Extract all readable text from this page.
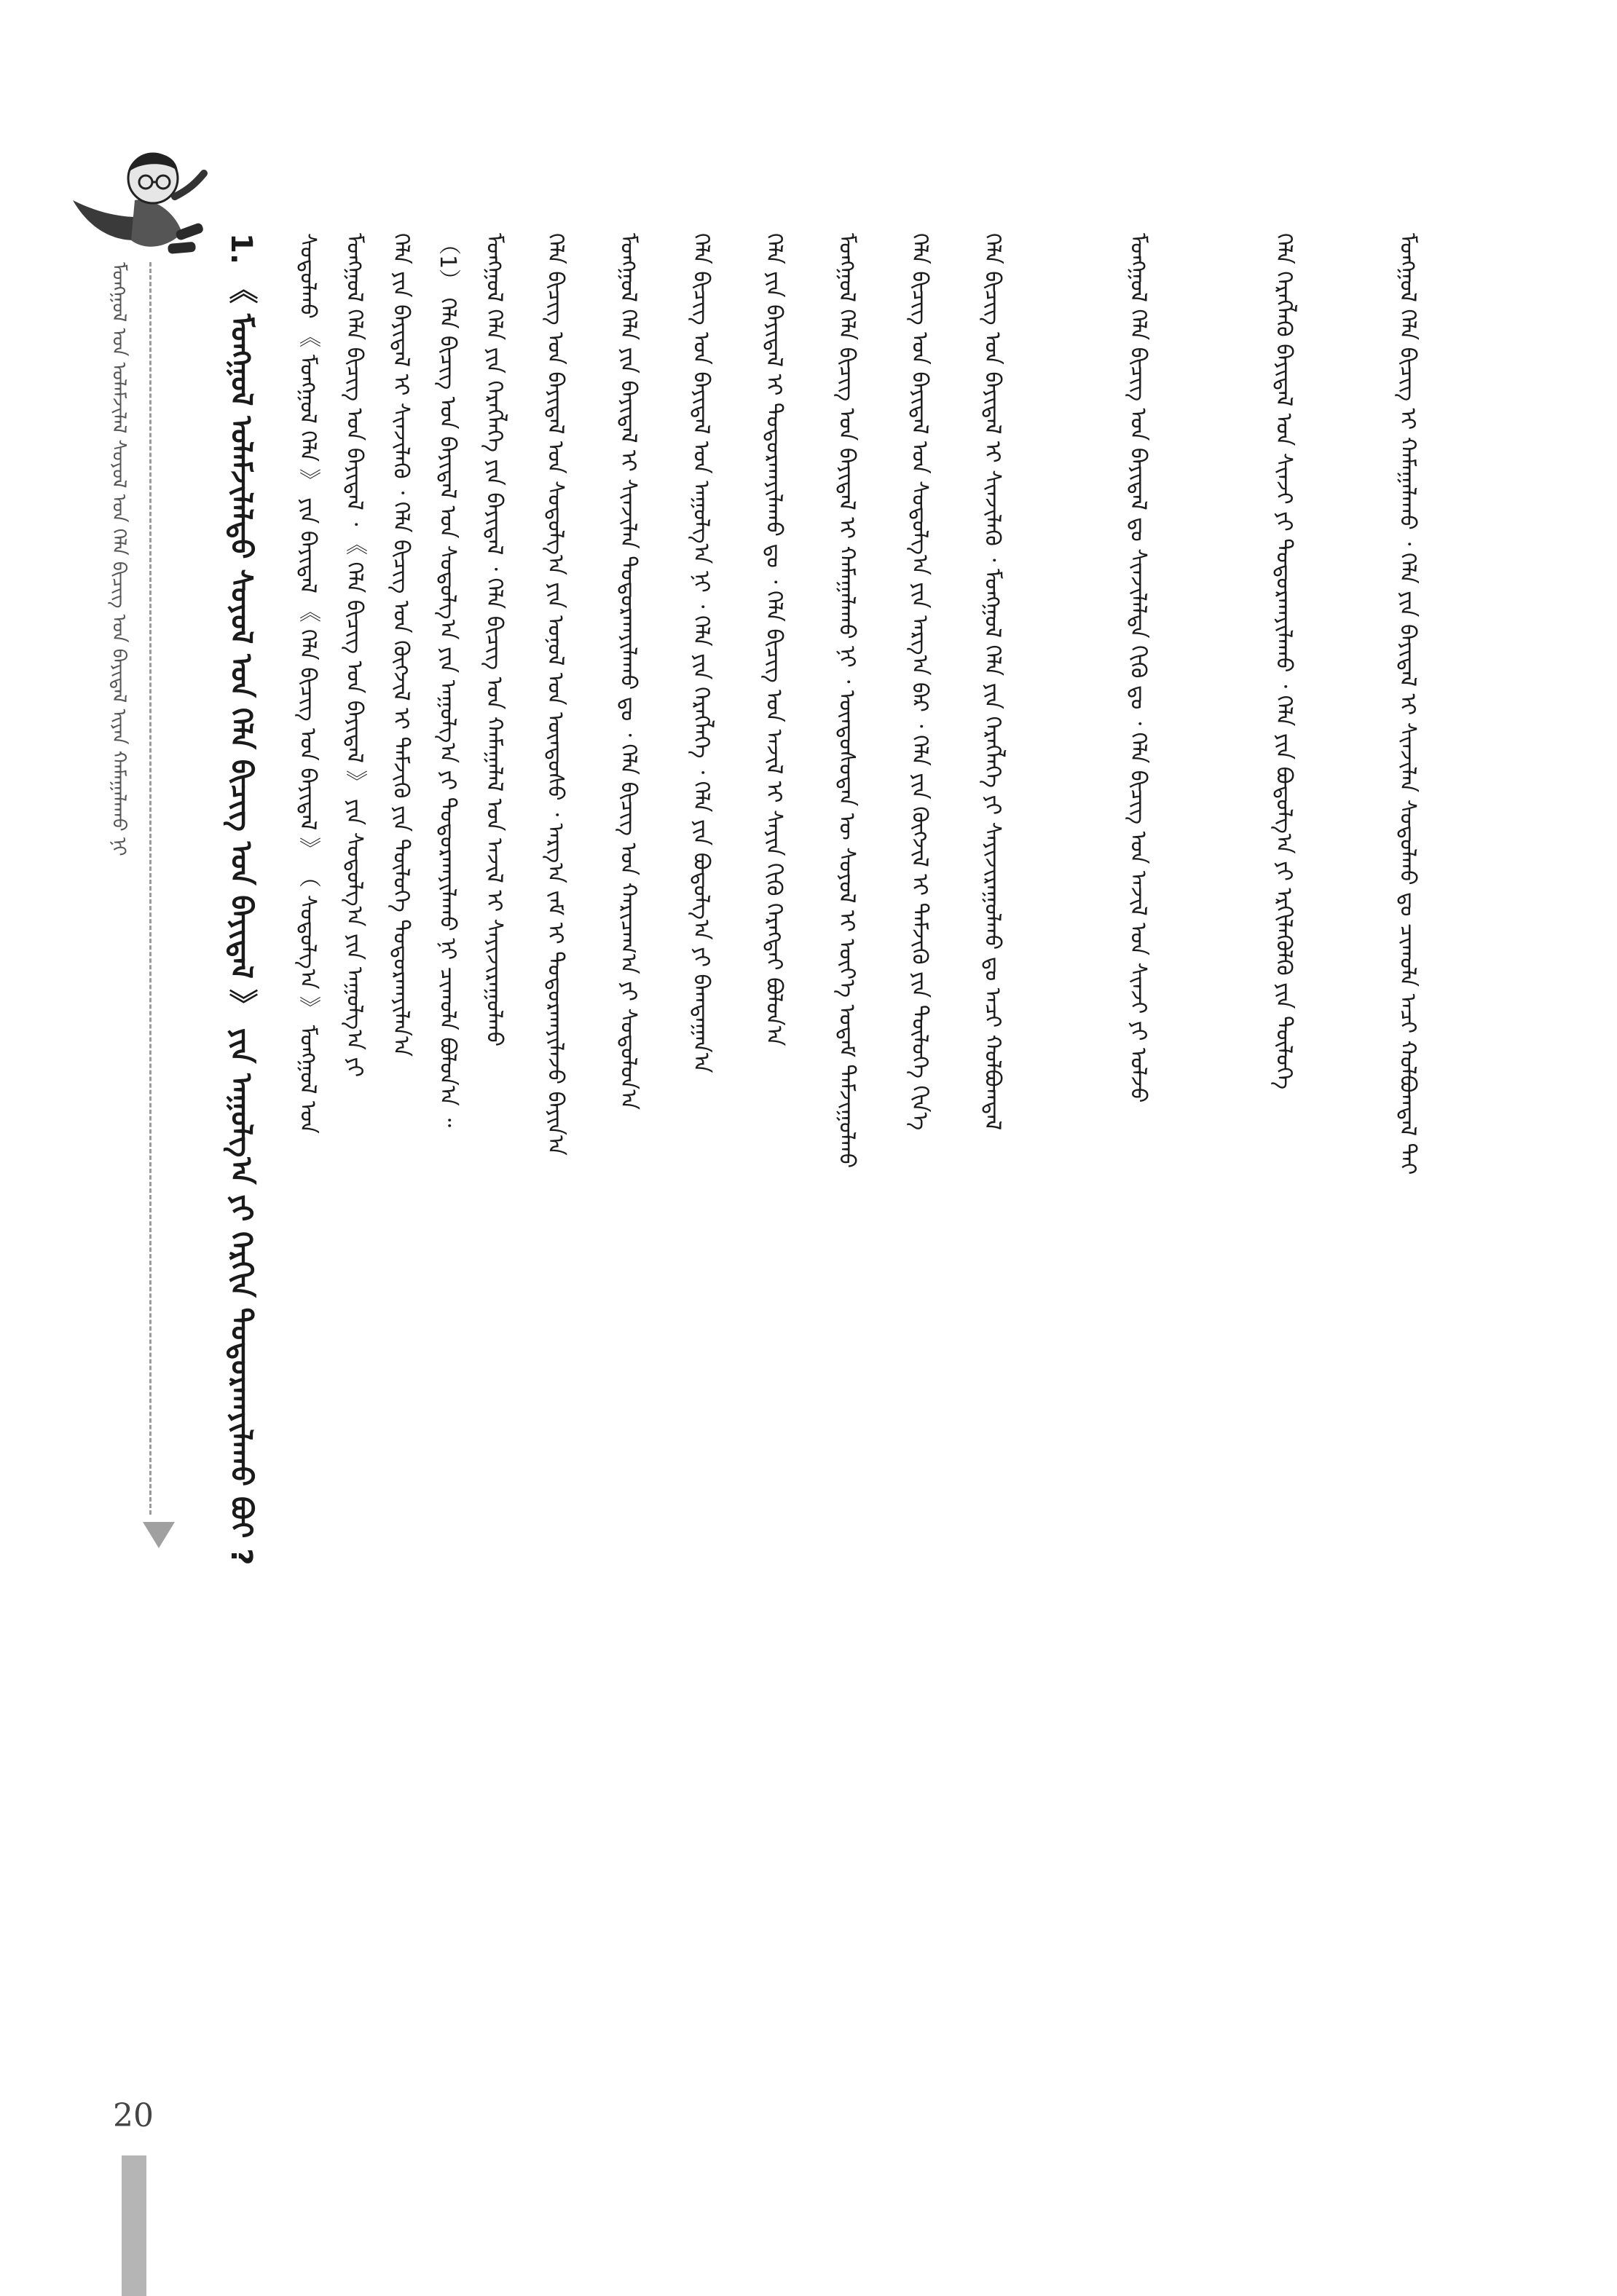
ᠮᠣᠩᠭᠣᠯ ᠤᠨ ᠤᠯᠠᠮᠵᠢᠯᠠᠯ ᠰᠣᠶᠣᠯ ᠤᠨ ᠬᠡᠯᠡ ᠪᠢᠴᠢᠭ ᠤᠨ ᠪᠠᠶᠢᠳᠠᠯ ᠢᠶᠠᠨ ᠬᠠᠮᠠᠭᠠᠯᠠᠬᠤ ᠨᠢ	1. 《 ᠮᠣᠩᠭᠣᠯ ᠤᠯᠠᠮᠵᠢᠯᠠᠯᠲᠤ ᠰᠣᠶᠣᠯ ᠤᠨ ᠬᠡᠯᠡ ᠪᠢᠴᠢᠭ ᠤᠨ ᠪᠠᠶᠢᠳᠠᠯ 》 ᠶᠢᠨ ᠠᠭᠤᠯᠭ᠎ᠠ ᠶᠢ ᠬᠡᠷᠬᠢᠨ ᠲᠣᠳᠣᠷᠬᠠᠶᠢᠯᠠᠬᠤ ᠪᠤᠢ ?	ᠰᠤᠳᠤᠯᠬᠤ 《 ᠮᠣᠩᠭᠣᠯ ᠬᠡᠯᠡ 》 ᠶᠢᠨ ᠪᠠᠶᠢᠳᠠᠯ 《 ᠬᠡᠯᠡ ᠪᠢᠴᠢᠭ ᠤᠨ ᠪᠠᠶᠢᠳᠠᠯ 》 （ ᠰᠤᠳᠤᠯᠭ᠎ᠠ 》 ᠮᠣᠩᠭᠣᠯ ᠤᠨ ᠮᠣᠩᠭᠣᠯ ᠬᠡᠯᠡ ᠪᠢᠴᠢᠭ ᠤᠨ ᠪᠠᠶᠢᠳᠠᠯ ᠂ 《 ᠬᠡᠯᠡ ᠪᠢᠴᠢᠭ ᠤᠨ ᠪᠠᠶᠢᠳᠠᠯ 》 ᠶᠢᠨ ᠰᠤᠳᠤᠯᠭ᠎ᠠ ᠶᠢᠨ ᠠᠭᠤᠯᠭ᠎ᠠ ᠶᠢ ᠬᠡᠯᠡ ᠶᠢᠨ ᠪᠠᠶᠢᠳᠠᠯ ᠢ ᠰᠢᠨᠵᠢᠯᠡᠬᠦ ᠂ ᠬᠡᠯᠡ ᠪᠢᠴᠢᠭ ᠤᠨ ᠬᠥᠭᠵᠢᠯ ᠢ ᠳᠡᠮᠵᠢᠬᠦ ᠶᠢᠨ ᠲᠥᠯᠥᠭᠡ ᠲᠣᠳᠣᠷᠬᠠᠶᠢᠯᠠᠨ᠎ᠠ （1） ᠬᠡᠯᠡ ᠪᠢᠴᠢᠭ ᠤᠨ ᠪᠠᠶᠢᠳᠠᠯ ᠤᠨ ᠰᠤᠳᠤᠯᠭ᠎ᠠ ᠶᠢᠨ ᠠᠭᠤᠯᠭ᠎ᠠ ᠶᠢ ᠲᠣᠳᠣᠷᠬᠠᠶᠢᠯᠠᠬᠤ ᠨᠢ ᠴᠢᠬᠤᠯᠠ ᠪᠣᠯᠤᠨ᠎ᠠ ᠃ ᠮᠣᠩᠭᠣᠯ ᠬᠡᠯᠡ ᠶᠢᠨ ᠬᠡᠷᠡᠭᠯᠡᠭᠡ ᠶᠢᠨ ᠪᠠᠶᠢᠳᠠᠯ ᠂ ᠬᠡᠯᠡ ᠪᠢᠴᠢᠭ ᠤᠨ ᠬᠠᠮᠠᠭᠠᠯᠠᠯ ᠤᠨ ᠠᠵᠢᠯ ᠢ ᠰᠠᠶᠢᠵᠢᠷᠠᠭᠤᠯᠬᠤ ᠬᠡᠯᠡ ᠪᠢᠴᠢᠭ ᠤᠨ ᠪᠠᠶᠢᠳᠠᠯ ᠤᠨ ᠰᠤᠳᠤᠯᠭ᠎ᠠ ᠶᠢᠨ ᠣᠨᠣᠯ ᠤᠨ ᠦᠨᠳᠦᠰᠦ ᠂ ᠠᠷᠭ᠎ᠠ ᠵᠠᠮ ᠢ ᠲᠣᠳᠣᠷᠬᠠᠶᠢᠯᠠᠵᠤ ᠪᠠᠶᠢᠨ᠎ᠠ ᠮᠣᠩᠭᠣᠯ ᠬᠡᠯᠡ ᠶᠢᠨ ᠪᠠᠶᠢᠳᠠᠯ ᠢ ᠰᠢᠨᠵᠢᠯᠡᠨ ᠲᠣᠳᠣᠷᠬᠠᠶᠢᠯᠠᠬᠤ ᠳᠤ ᠂ ᠬᠡᠯᠡ ᠪᠢᠴᠢᠭ ᠤᠨ ᠬᠠᠷᠢᠴᠠᠭ᠎ᠠ ᠶᠢ ᠰᠤᠳᠤᠯᠤᠨ᠎ᠠ ᠬᠡᠯᠡ ᠪᠢᠴᠢᠭ ᠤᠨ ᠪᠠᠶᠢᠳᠠᠯ ᠤᠨ ᠠᠭᠤᠯᠭ᠎ᠠ ᠨᠢ ᠂ ᠬᠡᠯᠡ ᠶᠢᠨ ᠬᠡᠷᠡᠭᠯᠡᠭᠡ ᠂ ᠬᠡᠯᠡ ᠶᠢᠨ ᠪᠣᠳᠣᠯᠭ᠎ᠠ ᠶᠢ ᠪᠠᠭᠳᠠᠭᠠᠨ᠎ᠠ ᠬᠡᠯᠡ ᠶᠢᠨ ᠪᠠᠶᠢᠳᠠᠯ ᠢ ᠲᠣᠳᠣᠷᠬᠠᠶᠢᠯᠠᠬᠤ ᠳᠤ ᠂ ᠬᠡᠯᠡ ᠪᠢᠴᠢᠭ ᠤᠨ ᠠᠵᠢᠯ ᠢ ᠰᠠᠶᠢᠨ ᠬᠢᠬᠦ ᠬᠡᠷᠡᠭᠲᠡᠢ ᠪᠣᠯᠤᠨ᠎ᠠ ᠮᠣᠩᠭᠣᠯ ᠬᠡᠯᠡ ᠪᠢᠴᠢᠭ ᠤᠨ ᠪᠠᠶᠢᠳᠠᠯ ᠢ ᠬᠠᠮᠠᠭᠠᠯᠠᠬᠤ ᠨᠢ ᠂ ᠦᠨᠳᠦᠰᠦᠲᠡᠨ ᠦ ᠰᠣᠶᠣᠯ ᠢ ᠦᠶ᠎ᠡ ᠤᠳᠠᠮ ᠳᠠᠮᠵᠢᠭᠤᠯᠬᠤ ᠬᠡᠯᠡ ᠪᠢᠴᠢᠭ ᠤᠨ ᠪᠠᠶᠢᠳᠠᠯ ᠤᠨ ᠰᠤᠳᠤᠯᠭ᠎ᠠ ᠶᠢᠨ ᠠᠷᠭ᠎ᠠ ᠪᠠᠷ ᠂ ᠬᠡᠯᠡ ᠶᠢᠨ ᠬᠥᠭᠵᠢᠯ ᠢ ᠳᠡᠮᠵᠢᠬᠦ ᠶᠢᠨ ᠲᠥᠯᠥᠭᠡ ᠬᠢᠨ᠎ᠡ ᠬᠡᠯᠡ ᠪᠢᠴᠢᠭ ᠤᠨ ᠪᠠᠶᠢᠳᠠᠯ ᠢ ᠰᠢᠨᠵᠢᠯᠡᠬᠦ ᠂ ᠮᠣᠩᠭᠣᠯ ᠬᠡᠯᠡ ᠶᠢᠨ ᠬᠡᠷᠡᠭᠯᠡᠭᠡ ᠶᠢ ᠰᠠᠶᠢᠵᠢᠷᠠᠭᠤᠯᠬᠤ ᠳᠤ ᠠᠴᠢ ᠬᠣᠯᠪᠣᠭᠳᠠᠯ	ᠮᠣᠩᠭᠣᠯ ᠬᠡᠯᠡ ᠪᠢᠴᠢᠭ ᠤᠨ ᠪᠠᠶᠢᠳᠠᠯ ᠳᠤ ᠰᠢᠨᠵᠢᠯᠡᠯᠲᠡ ᠬᠢᠬᠦ ᠳᠤ ᠂ ᠬᠡᠯᠡ ᠪᠢᠴᠢᠭ ᠤᠨ ᠠᠵᠢᠯ ᠤᠨ ᠰᠢᠨᠵᠢ ᠶᠢ ᠣᠯᠵᠤ	ᠬᠡᠯᠡ ᠬᠡᠷᠡᠭᠯᠡᠬᠦ ᠪᠠᠶᠢᠳᠠᠯ ᠤᠨ ᠰᠢᠨᠵᠢ ᠶᠢ ᠲᠣᠳᠣᠷᠬᠠᠶᠢᠯᠠᠬᠤ ᠂ ᠬᠡᠯᠡ ᠶᠢᠨ ᠪᠣᠳᠣᠯᠭ᠎ᠠ ᠶᠢ ᠡᠷᠬᠢᠯᠡᠭᠦᠯᠬᠦ ᠶᠢᠨ ᠲᠥᠯᠥᠭᠡ	ᠮᠣᠩᠭᠣᠯ ᠬᠡᠯᠡ ᠪᠢᠴᠢᠭ ᠢ ᠬᠠᠮᠠᠭᠠᠯᠠᠬᠤ ᠂ ᠬᠡᠯᠡ ᠶᠢᠨ ᠪᠠᠶᠢᠳᠠᠯ ᠢ ᠰᠢᠨᠵᠢᠯᠡᠨ ᠰᠤᠳᠤᠯᠬᠤ ᠳᠤ ᠴᠢᠬᠤᠯᠠ ᠠᠴᠢ ᠬᠣᠯᠪᠣᠭᠳᠠᠯ ᠲᠠᠢ
20
